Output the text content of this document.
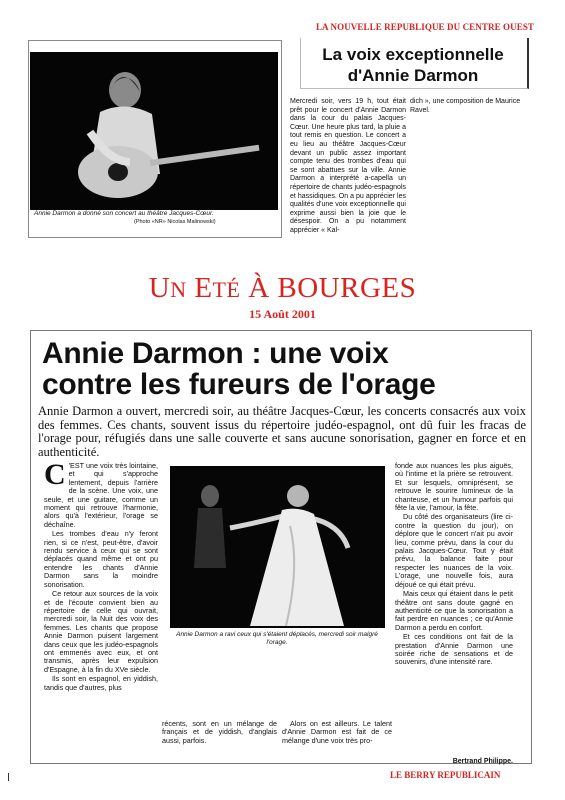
LA NOUVELLE REPUBLIQUE DU CENTRE OUEST
Annie Darmon a donné son concert au théâtre Jacques-Cœur.
(Photo «NR» Nicolas Malinowski)
La voix exceptionnelle
d'Annie Darmon
Mercredi soir, vers 19 h, tout était prêt pour le concert d'Annie Darmon dans la cour du palais Jacques-Cœur. Une heure plus tard, la pluie a tout remis en question. Le concert a eu lieu au théâtre Jacques-Cœur devant un public assez important compte tenu des trombes d'eau qui se sont abattues sur la ville. Annie Darmon a interprété a-capella un répertoire de chants judéo-espagnols et hassidiques. On a pu apprécier les qualités d'une voix exceptionnelle qui exprime aussi bien la joie que le désespoir. On a pu notamment apprécier « Kal-
dich », une composition de Maurice Ravel.
UN ETÉ À BOURGES
15 Août 2001
Annie Darmon : une voix
contre les fureurs de l'orage
Annie Darmon a ouvert, mercredi soir, au théâtre Jacques-Cœur, les concerts consacrés aux voix des femmes. Ces chants, souvent issus du répertoire judéo-espagnol, ont dû fuir les fracas de l'orage pour, réfugiés dans une salle couverte et sans aucune sonorisation, gagner en force et en authenticité.

C 'EST une voix très lointaine, et qui s'approche lentement, depuis l'arrière de la scène. Une voix, une seule, et une guitare, comme un moment qui retrouve l'harmonie, alors qu'à l'extérieur, l'orage se déchaîne.

Les trombes d'eau n'y feront rien, si ce n'est, peut-être, d'avoir rendu service à ceux qui se sont déplacés quand même et ont pu entendre les chants d'Annie Darmon sans la moindre sonorisation.

Ce retour aux sources de la voix et de l'écoute convient bien au répertoire de celle qui ouvrait, mercredi soir, la Nuit des voix des femmes. Les chants que propose Annie Darmon puisent largement dans ceux que les judéo-espagnols ont emmenés avec eux, et ont transmis, après leur expulsion d'Espagne, à la fin du XVe siècle.

Ils sont en espagnol, en yiddish, tandis que d'autres, plus

Annie Darmon a ravi ceux qui s'étaient déplacés, mercredi soir malgré l'orage.

récents, sont en un mélange de français et de yiddish, d'anglais aussi, parfois.

Alors on est ailleurs. Le talent d'Annie Darmon est fait de ce mélange d'une voix très pro-

fonde aux nuances les plus aiguës, où l'intime et la prière se retrouvent. Et sur lesquels, omniprésent, se retrouve le sourire lumineux de la chanteuse, et un humour parfois qui fête la vie, l'amour, la fête.

Du côté des organisateurs (lire ci-contre la question du jour), on déplore que le concert n'ait pu avoir lieu, comme prévu, dans la cour du palais Jacques-Cœur. Tout y était prévu, la balance faite pour respecter les nuances de la voix. L'orage, une nouvelle fois, aura déjoué ce qui était prévu.

Mais ceux qui étaient dans le petit théâtre ont sans doute gagné en authenticité ce que la sonorisation a fait perdre en nuances ; ce qu'Annie Darmon a perdu en confort.

Et ces conditions ont fait de la prestation d'Annie Darmon une soirée riche de sensations et de souvenirs, d'une intensité rare.

Bertrand Philippe.
LE BERRY REPUBLICAIN
